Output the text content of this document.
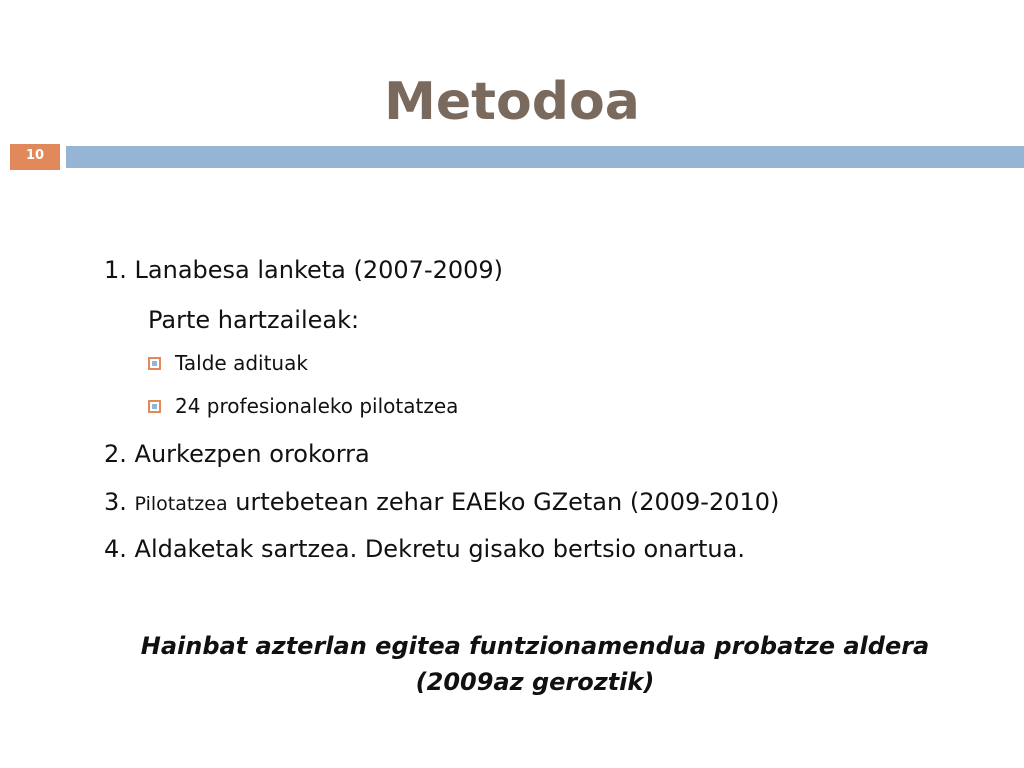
Metodoa
10
1. Lanabesa lanketa (2007-2009)
Parte hartzaileak:
Talde adituak
24 profesionaleko pilotatzea
2. Aurkezpen orokorra
3. Pilotatzea urtebetean zehar EAEko GZetan (2009-2010)
4. Aldaketak sartzea. Dekretu gisako bertsio onartua.
Hainbat azterlan egitea funtzionamendua probatze aldera
(2009az geroztik)
